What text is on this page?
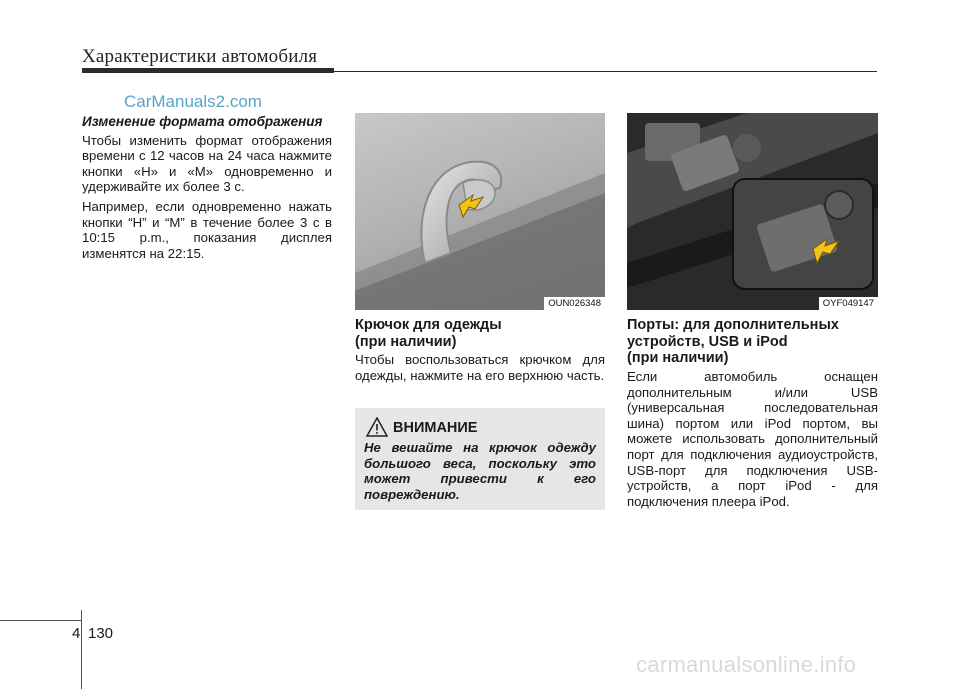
Характеристики автомобиля
CarManuals2.com
Изменение формата отображения

Чтобы изменить формат отображения времени с 12 часов на 24 часа нажмите кнопки «H» и «M» одновременно и удерживайте их более 3 с.

Например, если одновременно нажать кнопки “H” и “M” в течение более 3 с в 10:15 p.m., показания дисплея изменятся на 22:15.

OUN026348	OYF049147
Крючок для одежды
(при наличии)

Чтобы воспользоваться крючком для одежды, нажмите на его верхнюю часть.

ВНИМАНИЕ
Не вешайте на крючок одежду большого веса, поскольку это может привести к его повреждению.
Порты: для дополнительных
устройств, USB и iPod
(при наличии)

Если автомобиль оснащен дополнительным и/или USB (универсальная последовательная шина) портом или iPod портом, вы можете использовать дополнительный порт для подключения аудиоустройств, USB-порт для подключения USB-устройств, а порт iPod - для подключения плеера iPod.

4 130
carmanualsonline.info
